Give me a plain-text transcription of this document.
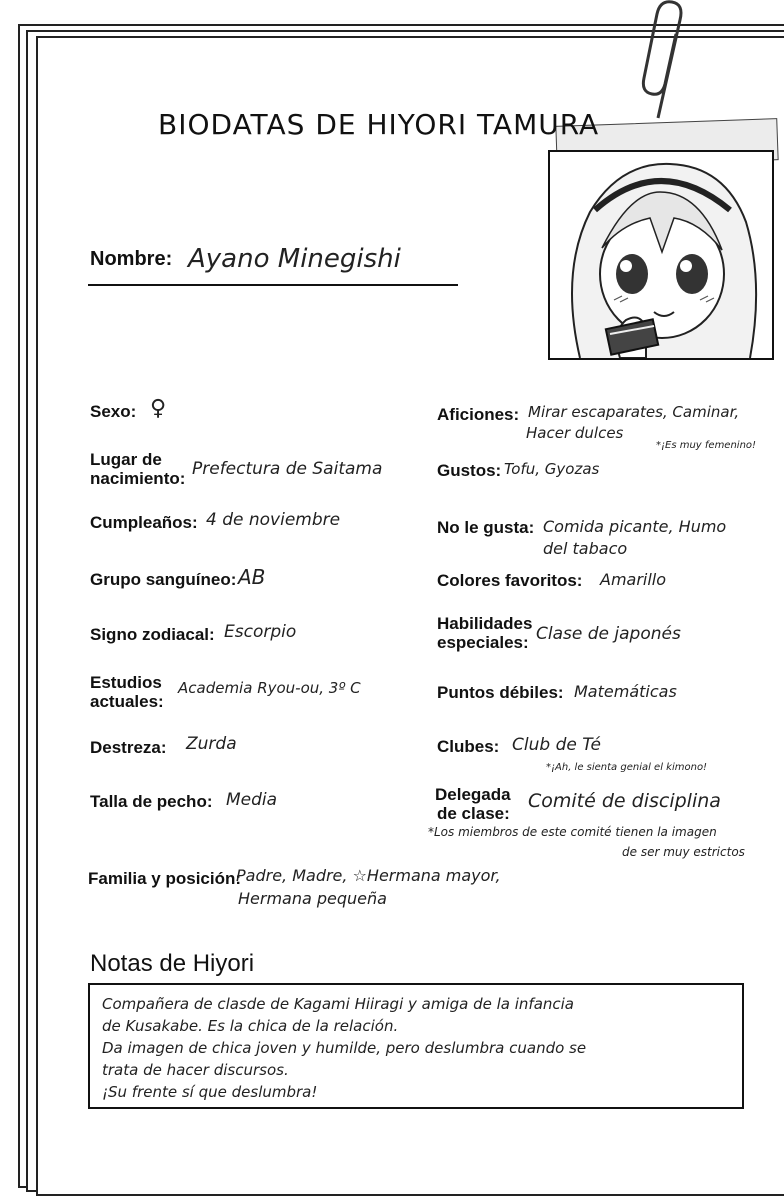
BIODATAS DE HIYORI TAMURA
Nombre: Ayano Minegishi
Sexo: ♀
Lugar de
nacimiento: Prefectura de Saitama
Cumpleaños: 4 de noviembre
Grupo sanguíneo: AB
Signo zodiacal: Escorpio
Estudios
actuales:
Academia Ryou-ou, 3º C
Destreza: Zurda
Talla de pecho: Media
Familia y posición:
Padre, Madre, ☆Hermana mayor,
Hermana pequeña
Aficiones: Mirar escaparates, Caminar,
Hacer dulces
*¡Es muy femenino!
Gustos: Tofu, Gyozas
No le gusta: Comida picante, Humo
del tabaco
Colores favoritos: Amarillo
Habilidades
especiales: Clase de japonés
Puntos débiles: Matemáticas
Clubes: Club de Té
*¡Ah, le sienta genial el kimono!
Delegada
de clase:
Comité de disciplina
*Los miembros de este comité tienen la imagen
de ser muy estrictos
Notas de Hiyori
Compañera de clasde de Kagami Hiiragi y amiga de la infancia
de Kusakabe. Es la chica de la relación.
Da imagen de chica joven y humilde, pero deslumbra cuando se
trata de hacer discursos.
¡Su frente sí que deslumbra!
